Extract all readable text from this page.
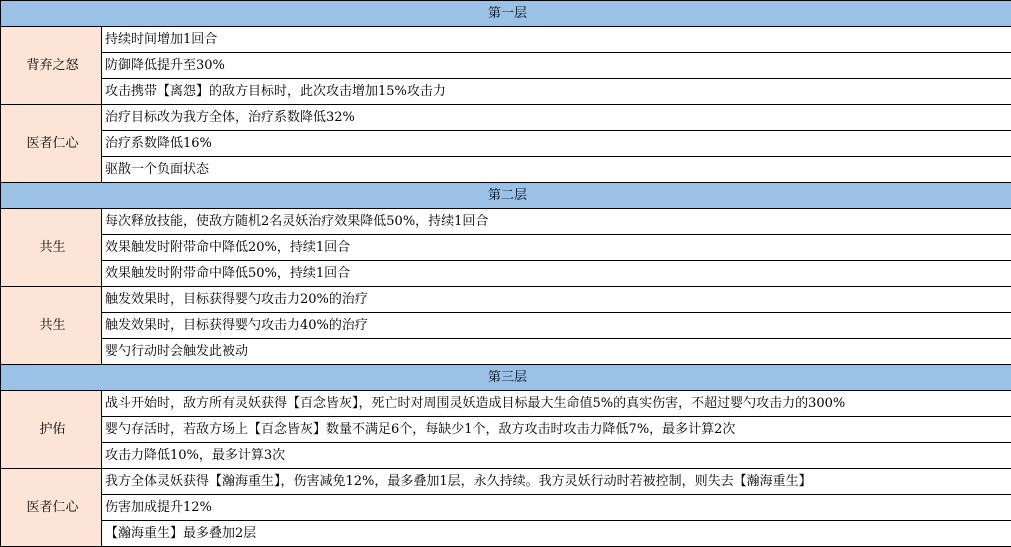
第一层	
背弃之怒	持续时间增加1回合
	防御降低提升至30%
	攻击携带【离怨】的敌方目标时，此次攻击增加15%攻击力
医者仁心	治疗目标改为我方全体，治疗系数降低32%
	治疗系数降低16%
	驱散一个负面状态
第二层	
共生	每次释放技能，使敌方随机2名灵妖治疗效果降低50%，持续1回合
	效果触发时附带命中降低20%，持续1回合
	效果触发时附带命中降低50%，持续1回合
共生	触发效果时，目标获得婴勺攻击力20%的治疗
	触发效果时，目标获得婴勺攻击力40%的治疗
	婴勺行动时会触发此被动
第三层	
护佑	战斗开始时，敌方所有灵妖获得【百念皆灰】，死亡时对周围灵妖造成目标最大生命值5%的真实伤害，不超过婴勺攻击力的300%
	婴勺存活时，若敌方场上【百念皆灰】数量不满足6个，每缺少1个，敌方攻击时攻击力降低7%，最多计算2次
	攻击力降低10%，最多计算3次
医者仁心	我方全体灵妖获得【瀚海重生】，伤害减免12%，最多叠加1层，永久持续。我方灵妖行动时若被控制，则失去【瀚海重生】
	伤害加成提升12%
	【瀚海重生】最多叠加2层
